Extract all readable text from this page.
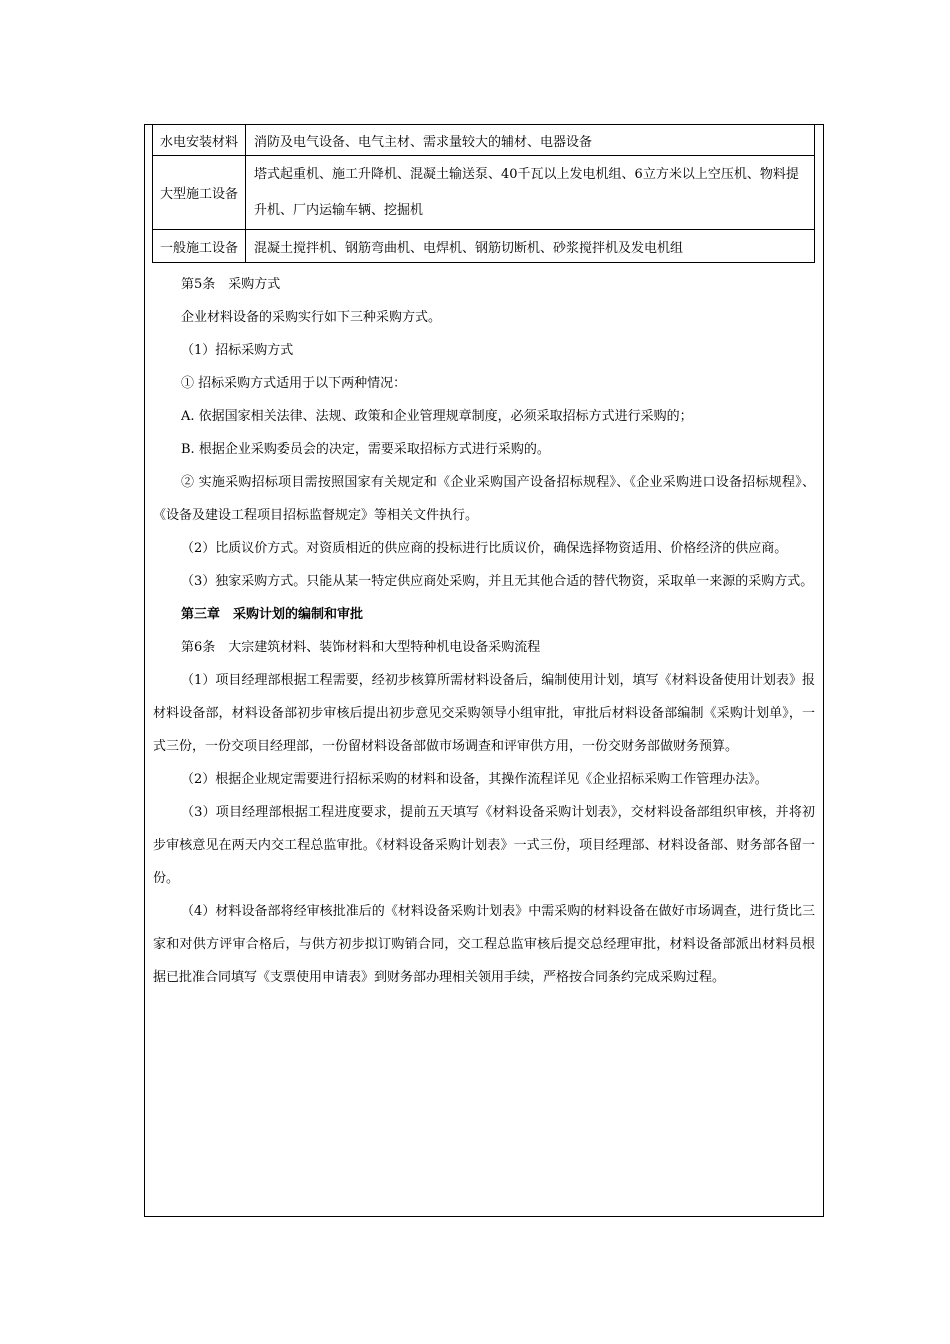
水电安装材料	消防及电气设备、电气主材、需求量较大的辅材、电器设备
大型施工设备	塔式起重机、施工升降机、混凝土输送泵、40千瓦以上发电机组、6立方米以上空压机、物料提升机、厂内运输车辆、挖掘机
一般施工设备	混凝土搅拌机、钢筋弯曲机、电焊机、钢筋切断机、砂浆搅拌机及发电机组

第5条　采购方式

企业材料设备的采购实行如下三种采购方式。

（1）招标采购方式

① 招标采购方式适用于以下两种情况：

A. 依据国家相关法律、法规、政策和企业管理规章制度，必须采取招标方式进行采购的；

B. 根据企业采购委员会的决定，需要采取招标方式进行采购的。

② 实施采购招标项目需按照国家有关规定和《企业采购国产设备招标规程》、《企业采购进口设备招标规程》、《设备及建设工程项目招标监督规定》等相关文件执行。

（2）比质议价方式。对资质相近的供应商的投标进行比质议价，确保选择物资适用、价格经济的供应商。

（3）独家采购方式。只能从某一特定供应商处采购，并且无其他合适的替代物资，采取单一来源的采购方式。

第三章　采购计划的编制和审批

第6条　大宗建筑材料、装饰材料和大型特种机电设备采购流程

（1）项目经理部根据工程需要，经初步核算所需材料设备后，编制使用计划，填写《材料设备使用计划表》报材料设备部，材料设备部初步审核后提出初步意见交采购领导小组审批，审批后材料设备部编制《采购计划单》，一式三份，一份交项目经理部，一份留材料设备部做市场调查和评审供方用，一份交财务部做财务预算。

（2）根据企业规定需要进行招标采购的材料和设备，其操作流程详见《企业招标采购工作管理办法》。

（3）项目经理部根据工程进度要求，提前五天填写《材料设备采购计划表》，交材料设备部组织审核，并将初步审核意见在两天内交工程总监审批。《材料设备采购计划表》一式三份，项目经理部、材料设备部、财务部各留一份。

（4）材料设备部将经审核批准后的《材料设备采购计划表》中需采购的材料设备在做好市场调查，进行货比三家和对供方评审合格后，与供方初步拟订购销合同，交工程总监审核后提交总经理审批，材料设备部派出材料员根据已批准合同填写《支票使用申请表》到财务部办理相关领用手续，严格按合同条约完成采购过程。
